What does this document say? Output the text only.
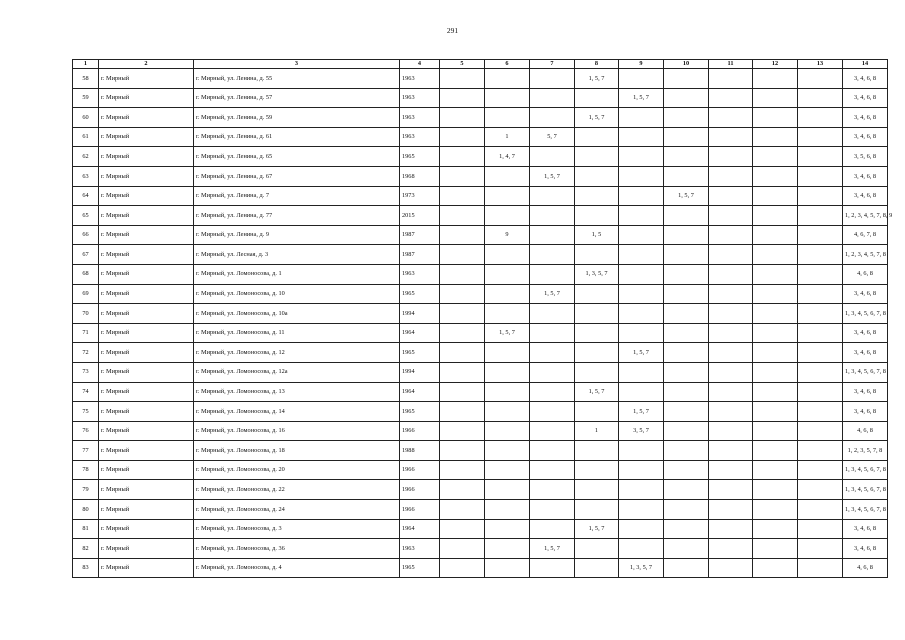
291
1	2	3	4	5	6	7	8	9	10	11	12	13	14
58	г. Мирный	г. Мирный, ул. Ленина, д. 55	1963				1, 5, 7						3, 4, 6, 8
59	г. Мирный	г. Мирный, ул. Ленина, д. 57	1963					1, 5, 7					3, 4, 6, 8
60	г. Мирный	г. Мирный, ул. Ленина, д. 59	1963				1, 5, 7						3, 4, 6, 8
61	г. Мирный	г. Мирный, ул. Ленина, д. 61	1963		1	5, 7							3, 4, 6, 8
62	г. Мирный	г. Мирный, ул. Ленина, д. 65	1965		1, 4, 7								3, 5, 6, 8
63	г. Мирный	г. Мирный, ул. Ленина, д. 67	1968			1, 5, 7							3, 4, 6, 8
64	г. Мирный	г. Мирный, ул. Ленина, д. 7	1973						1, 5, 7				3, 4, 6, 8
65	г. Мирный	г. Мирный, ул. Ленина, д. 77	2015										1, 2, 3, 4, 5, 7, 8, 9
66	г. Мирный	г. Мирный, ул. Ленина, д. 9	1987		9		1, 5						4, 6, 7, 8
67	г. Мирный	г. Мирный, ул. Лесная, д. 3	1987										1, 2, 3, 4, 5, 7, 8
68	г. Мирный	г. Мирный, ул. Ломоносова, д. 1	1963				1, 3, 5, 7						4, 6, 8
69	г. Мирный	г. Мирный, ул. Ломоносова, д. 10	1965			1, 5, 7							3, 4, 6, 8
70	г. Мирный	г. Мирный, ул. Ломоносова, д. 10а	1994										1, 3, 4, 5, 6, 7, 8
71	г. Мирный	г. Мирный, ул. Ломоносова, д. 11	1964		1, 5, 7								3, 4, 6, 8
72	г. Мирный	г. Мирный, ул. Ломоносова, д. 12	1965					1, 5, 7					3, 4, 6, 8
73	г. Мирный	г. Мирный, ул. Ломоносова, д. 12а	1994										1, 3, 4, 5, 6, 7, 8
74	г. Мирный	г. Мирный, ул. Ломоносова, д. 13	1964				1, 5, 7						3, 4, 6, 8
75	г. Мирный	г. Мирный, ул. Ломоносова, д. 14	1965					1, 5, 7					3, 4, 6, 8
76	г. Мирный	г. Мирный, ул. Ломоносова, д. 16	1966				1	3, 5, 7					4, 6, 8
77	г. Мирный	г. Мирный, ул. Ломоносова, д. 18	1988										1, 2, 3, 5, 7, 8
78	г. Мирный	г. Мирный, ул. Ломоносова, д. 20	1966										1, 3, 4, 5, 6, 7, 8
79	г. Мирный	г. Мирный, ул. Ломоносова, д. 22	1966										1, 3, 4, 5, 6, 7, 8
80	г. Мирный	г. Мирный, ул. Ломоносова, д. 24	1966										1, 3, 4, 5, 6, 7, 8
81	г. Мирный	г. Мирный, ул. Ломоносова, д. 3	1964				1, 5, 7						3, 4, 6, 8
82	г. Мирный	г. Мирный, ул. Ломоносова, д. 36	1963			1, 5, 7							3, 4, 6, 8
83	г. Мирный	г. Мирный, ул. Ломоносова, д. 4	1965					1, 3, 5, 7					4, 6, 8
